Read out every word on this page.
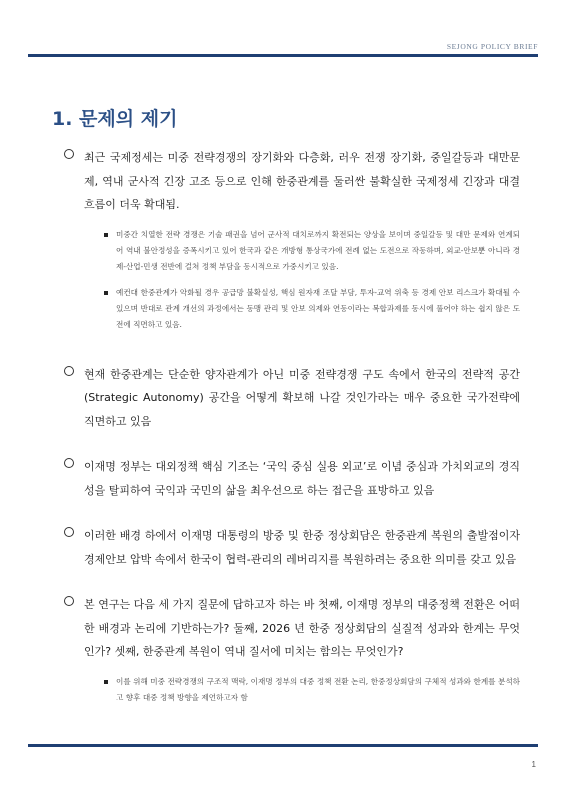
SEJONG POLICY BRIEF
1. 문제의 제기

최근 국제정세는 미중 전략경쟁의 장기화와 다층화, 러우 전쟁 장기화, 중일갈등과 대만문제, 역내 군사적 긴장 고조 등으로 인해 한중관계를 둘러싼 불확실한 국제정세 긴장과 대결 흐름이 더욱 확대됨.

미중간 치열한 전략 경쟁은 기술 패권을 넘어 군사적 대치로까지 확전되는 양상을 보이며 중일갈등 및 대만 문제와 연계되어 역내 불안정성을 증폭시키고 있어 한국과 같은 개방형 통상국가에 전례 없는 도전으로 작동하며, 외교-안보뿐 아니라 경제-산업-민생 전반에 걸쳐 정책 부담을 동시적으로 가중시키고 있음.

예컨대 한중관계가 악화될 경우 공급망 불확실성, 핵심 원자재 조달 부담, 투자-교역 위축 등 경제 안보 리스크가 확대될 수 있으며 반대로 관계 개선의 과정에서는 동맹 관리 및 안보 의제와 연동이라는 복합과제를 동시에 풀어야 하는 쉽지 않은 도전에 직면하고 있음.

현재 한중관계는 단순한 양자관계가 아닌 미중 전략경쟁 구도 속에서 한국의 전략적 공간(Strategic Autonomy) 공간을 어떻게 확보해 나갈 것인가라는 매우 중요한 국가전략에 직면하고 있음

이재명 정부는 대외정책 핵심 기조는 ‘국익 중심 실용 외교’로 이념 중심과 가치외교의 경직성을 탈피하여 국익과 국민의 삶을 최우선으로 하는 접근을 표방하고 있음

이러한 배경 하에서 이재명 대통령의 방중 및 한중 정상회담은 한중관계 복원의 출발점이자 경제안보 압박 속에서 한국이 협력-관리의 레버리지를 복원하려는 중요한 의미를 갖고 있음

본 연구는 다음 세 가지 질문에 답하고자 하는 바 첫째, 이재명 정부의 대중정책 전환은 어떠한 배경과 논리에 기반하는가? 둘째, 2026 년 한중 정상회담의 실질적 성과와 한계는 무엇인가? 셋째, 한중관계 복원이 역내 질서에 미치는 함의는 무엇인가?

이를 위해 미중 전략경쟁의 구조적 맥락, 이재명 정부의 대중 정책 전환 논리, 한중정상회담의 구체적 성과와 한계를 분석하고 향후 대중 정책 방향을 제언하고자 함

1
